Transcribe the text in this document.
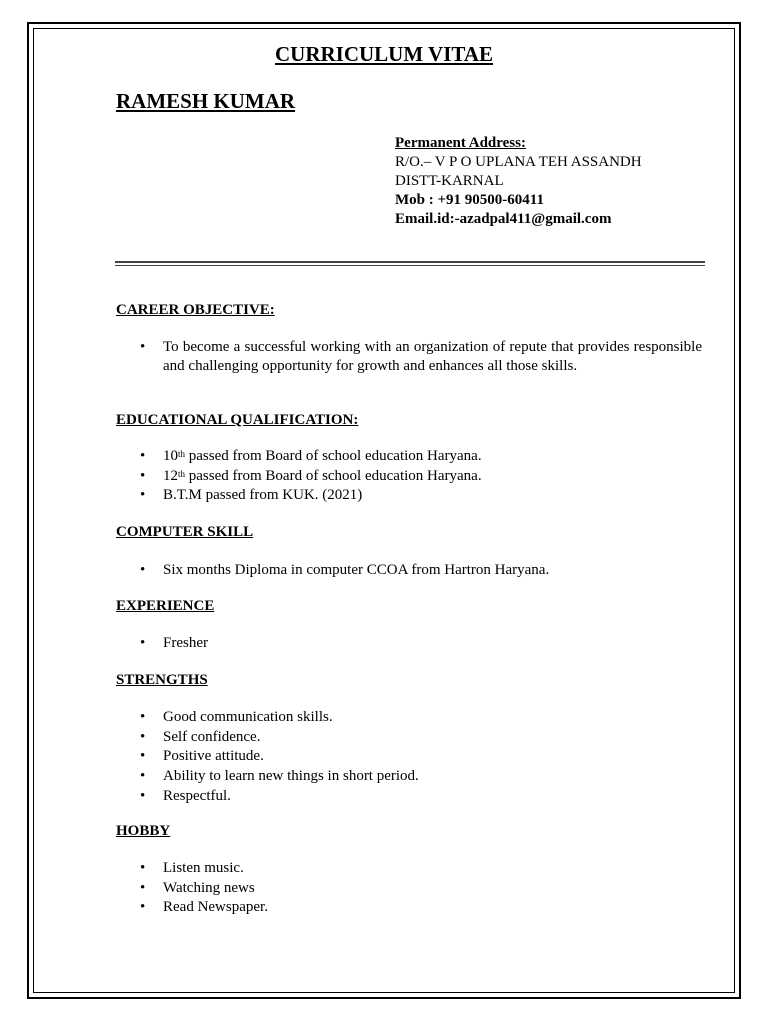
CURRICULUM VITAE
RAMESH KUMAR
Permanent Address:
R/O.– V P O UPLANA TEH ASSANDH
DISTT-KARNAL
Mob : +91 90500-60411
Email.id:-azadpal411@gmail.com
CAREER OBJECTIVE:
• To become a successful working with an organization of repute that provides responsible and challenging opportunity for growth and enhances all those skills.
EDUCATIONAL QUALIFICATION:
• 10th passed from Board of school education Haryana.
• 12th passed from Board of school education Haryana.
• B.T.M passed from KUK. (2021)
COMPUTER SKILL
• Six months Diploma in computer CCOA from Hartron Haryana.
EXPERIENCE
• Fresher
STRENGTHS
• Good communication skills.
• Self confidence.
• Positive attitude.
• Ability to learn new things in short period.
• Respectful.
HOBBY
• Listen music.
• Watching news
• Read Newspaper.
